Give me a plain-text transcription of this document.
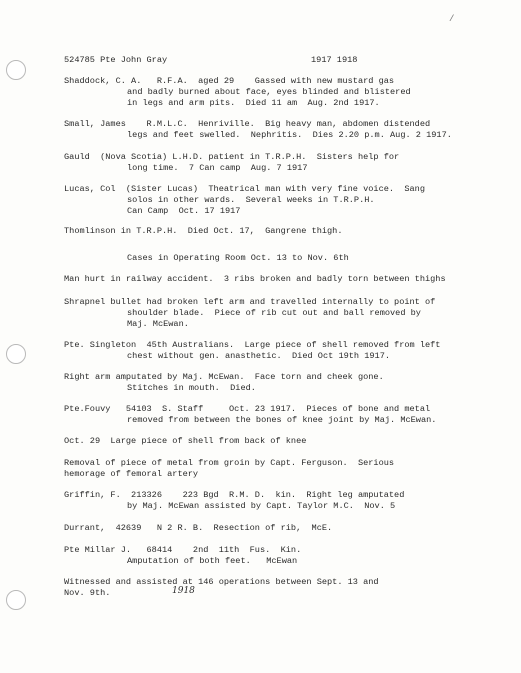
/
524785 Pte John Gray	1917 1918
Shaddock, C. A.   R.F.A.  aged 29    Gassed with new mustard gas
and badly burned about face, eyes blinded and blistered
in legs and arm pits.  Died 11 am  Aug. 2nd 1917.
Small, James    R.M.L.C.  Henriville.  Big heavy man, abdomen distended
legs and feet swelled.  Nephritis.  Dies 2.20 p.m. Aug. 2 1917.
Gauld  (Nova Scotia) L.H.D. patient in T.R.P.H.  Sisters help for
long time.  7 Can camp  Aug. 7 1917
Lucas, Col  (Sister Lucas)  Theatrical man with very fine voice.  Sang
solos in other wards.  Several weeks in T.R.P.H.
Can Camp  Oct. 17 1917
Thomlinson in T.R.P.H.  Died Oct. 17,  Gangrene thigh.
Cases in Operating Room Oct. 13 to Nov. 6th
Man hurt in railway accident.  3 ribs broken and badly torn between thighs
Shrapnel bullet had broken left arm and travelled internally to point of
shoulder blade.  Piece of rib cut out and ball removed by
Maj. McEwan.
Pte. Singleton  45th Australians.  Large piece of shell removed from left
chest without gen. anasthetic.  Died Oct 19th 1917.
Right arm amputated by Maj. McEwan.  Face torn and cheek gone.
Stitches in mouth.  Died.
Pte.Fouvy   54103  S. Staff     Oct. 23 1917.  Pieces of bone and metal
removed from between the bones of knee joint by Maj. McEwan.
Oct. 29  Large piece of shell from back of knee
Removal of piece of metal from groin by Capt. Ferguson.  Serious
hemorage of femoral artery
Griffin, F.  213326    223 Bgd  R.M. D.  kin.  Right leg amputated
by Maj. McEwan assisted by Capt. Taylor M.C.  Nov. 5
Durrant,  42639   N 2 R. B.  Resection of rib,  McE.
Pte Millar J.   68414    2nd  11th  Fus.  Kin.
Amputation of both feet.   McEwan
Witnessed and assisted at 146 operations between Sept. 13 and
Nov. 9th.	1918
